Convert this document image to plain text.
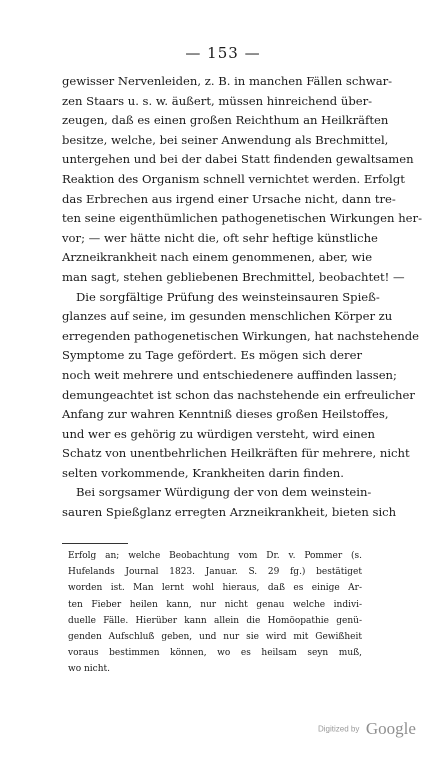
— 153 —
gewisser Nervenleiden, z. B. in manchen Fällen schwar-
zen Staars u. s. w. äußert, müssen hinreichend über-
zeugen, daß es einen großen Reichthum an Heilkräften
besitze, welche, bei seiner Anwendung als Brechmittel,
untergehen und bei der dabei Statt findenden gewaltsamen
Reaktion des Organism schnell vernichtet werden. Erfolgt
das Erbrechen aus irgend einer Ursache nicht, dann tre-
ten seine eigenthümlichen pathogenetischen Wirkungen her-
vor; — wer hätte nicht die, oft sehr heftige künstliche
Arzneikrankheit nach einem genommenen, aber, wie
man sagt, stehen gebliebenen Brechmittel, beobachtet! —
Die sorgfältige Prüfung des weinsteinsauren Spieß-
glanzes auf seine, im gesunden menschlichen Körper zu
erregenden pathogenetischen Wirkungen, hat nachstehende
Symptome zu Tage gefördert. Es mögen sich derer
noch weit mehrere und entschiedenere auffinden lassen;
demungeachtet ist schon das nachstehende ein erfreulicher
Anfang zur wahren Kenntniß dieses großen Heilstoffes,
und wer es gehörig zu würdigen versteht, wird einen
Schatz von unentbehrlichen Heilkräften für mehrere, nicht
selten vorkommende, Krankheiten darin finden.
Bei sorgsamer Würdigung der von dem weinstein-
sauren Spießglanz erregten Arzneikrankheit, bieten sich
Erfolg an; welche Beobachtung vom Dr. v. Pommer (s.
Hufelands Journal 1823. Januar. S. 29 fg.) bestätiget
worden ist. Man lernt wohl hieraus, daß es einige Ar-
ten Fieber heilen kann, nur nicht genau welche indivi-
duelle Fälle. Hierüber kann allein die Homöopathie genü-
genden Aufschluß geben, und nur sie wird mit Gewißheit
voraus bestimmen können, wo es heilsam seyn muß,
wo nicht.
Digitized by Google
